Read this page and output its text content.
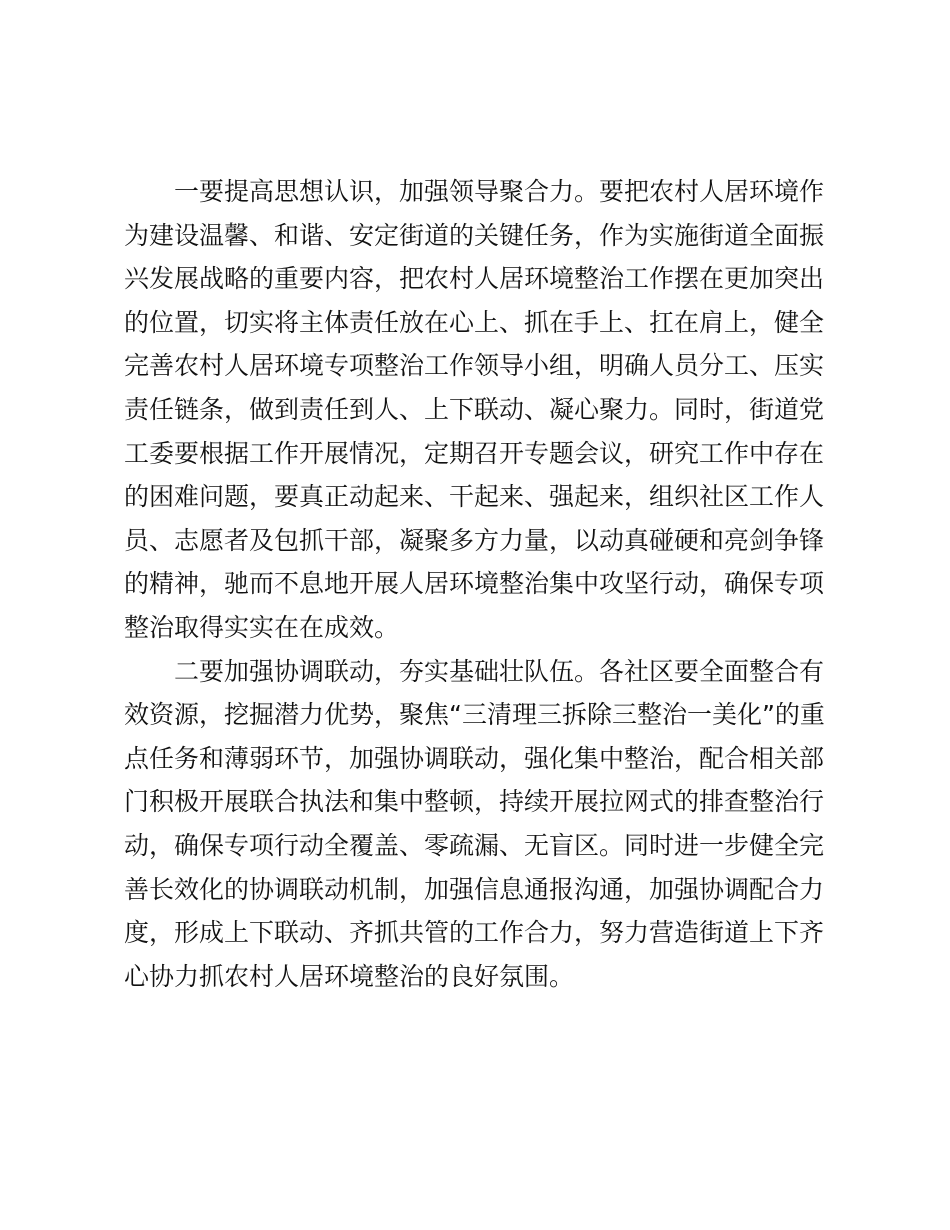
　　一要提高思想认识，加强领导聚合力。要把农村人居环境作
为建设温馨、和谐、安定街道的关键任务，作为实施街道全面振
兴发展战略的重要内容，把农村人居环境整治工作摆在更加突出
的位置，切实将主体责任放在心上、抓在手上、扛在肩上，健全
完善农村人居环境专项整治工作领导小组，明确人员分工、压实
责任链条，做到责任到人、上下联动、凝心聚力。同时，街道党
工委要根据工作开展情况，定期召开专题会议，研究工作中存在
的困难问题，要真正动起来、干起来、强起来，组织社区工作人
员、志愿者及包抓干部，凝聚多方力量，以动真碰硬和亮剑争锋
的精神，驰而不息地开展人居环境整治集中攻坚行动，确保专项
整治取得实实在在成效。
　　二要加强协调联动，夯实基础壮队伍。各社区要全面整合有
效资源，挖掘潜力优势，聚焦“三清理三拆除三整治一美化”的重
点任务和薄弱环节，加强协调联动，强化集中整治，配合相关部
门积极开展联合执法和集中整顿，持续开展拉网式的排查整治行
动，确保专项行动全覆盖、零疏漏、无盲区。同时进一步健全完
善长效化的协调联动机制，加强信息通报沟通，加强协调配合力
度，形成上下联动、齐抓共管的工作合力，努力营造街道上下齐
心协力抓农村人居环境整治的良好氛围。
